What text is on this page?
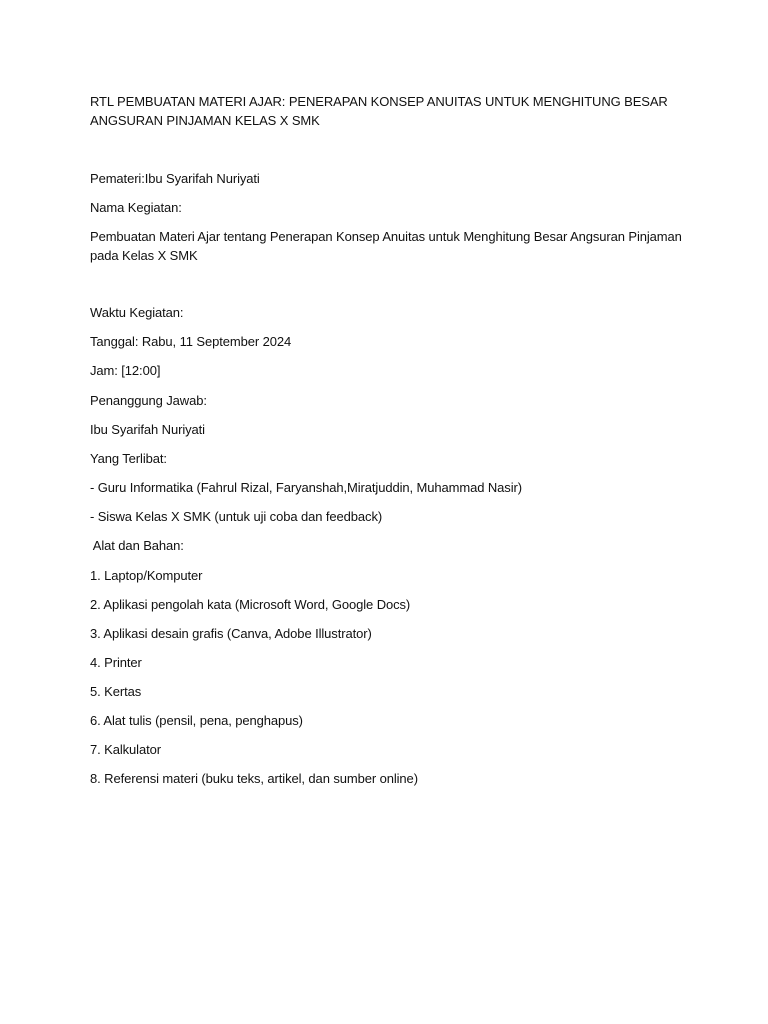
RTL PEMBUATAN MATERI AJAR: PENERAPAN KONSEP ANUITAS UNTUK MENGHITUNG BESAR
ANGSURAN PINJAMAN KELAS X SMK
Pemateri:Ibu Syarifah Nuriyati
Nama Kegiatan:
Pembuatan Materi Ajar tentang Penerapan Konsep Anuitas untuk Menghitung Besar Angsuran Pinjaman
pada Kelas X SMK
Waktu Kegiatan:
Tanggal: Rabu, 11 September 2024
Jam: [12:00]
Penanggung Jawab:
Ibu Syarifah Nuriyati
Yang Terlibat:
- Guru Informatika (Fahrul Rizal, Faryanshah,Miratjuddin, Muhammad Nasir)
- Siswa Kelas X SMK (untuk uji coba dan feedback)
Alat dan Bahan:
1. Laptop/Komputer
2. Aplikasi pengolah kata (Microsoft Word, Google Docs)
3. Aplikasi desain grafis (Canva, Adobe Illustrator)
4. Printer
5. Kertas
6. Alat tulis (pensil, pena, penghapus)
7. Kalkulator
8. Referensi materi (buku teks, artikel, dan sumber online)
